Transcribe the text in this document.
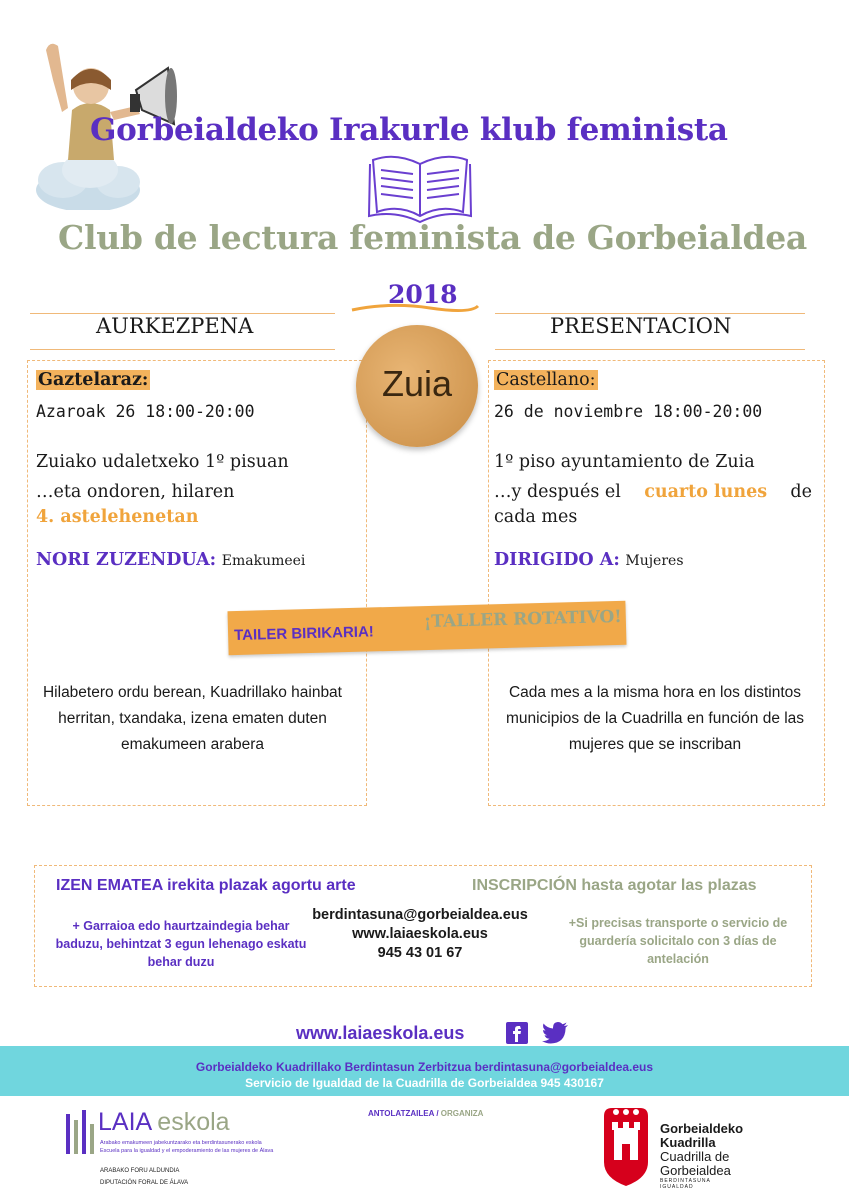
Gorbeialdeko Irakurle klub feminista
Club de lectura feminista de Gorbeialdea
2018
AURKEZPENA	PRESENTACION
Zuia
Gaztelaraz:
Azaroak 26 18:00-20:00
Zuiako udaletxeko 1º pisuan
…eta ondoren, hilaren
4. astelehenetan
NORI ZUZENDUA: Emakumeei
Castellano:
26 de noviembre 18:00-20:00
1º piso ayuntamiento de Zuia
…y después el cuarto lunes de
cada mes
DIRIGIDO A: Mujeres
TAILER BIRIKARIA!
¡TALLER ROTATIVO!
Hilabetero ordu berean, Kuadrillako hainbat herritan, txandaka, izena ematen duten emakumeen arabera
Cada mes a la misma hora en los distintos municipios de la Cuadrilla en función de las mujeres que se inscriban
IZEN EMATEA irekita plazak agortu arte	INSCRIPCIÓN hasta agotar las plazas
+ Garraioa edo haurtzaindegia behar baduzu, behintzat 3 egun lehenago eskatu behar duzu
+Si precisas transporte o servicio de guardería solicitalo con 3 días de antelación
berdintasuna@gorbeialdea.eus
www.laiaeskola.eus
945 43 01 67
www.laiaeskola.eus
Gorbeialdeko Kuadrillako Berdintasun Zerbitzua berdintasuna@gorbeialdea.eus
Servicio de Igualdad de la Cuadrilla de Gorbeialdea 945 430167
LAIA eskola
Arabako emakumeen jabekuntzarako eta berdintasunerako eskola
Escuela para la igualdad y el empoderamiento de las mujeres de Álava
ARABAKO FORU ALDUNDIA
DIPUTACIÓN FORAL DE ÁLAVA
ANTOLATZAILEA / ORGANIZA
Gorbeialdeko
Kuadrilla
Cuadrilla de
Gorbeialdea
BERDINTASUNA
IGUALDAD
